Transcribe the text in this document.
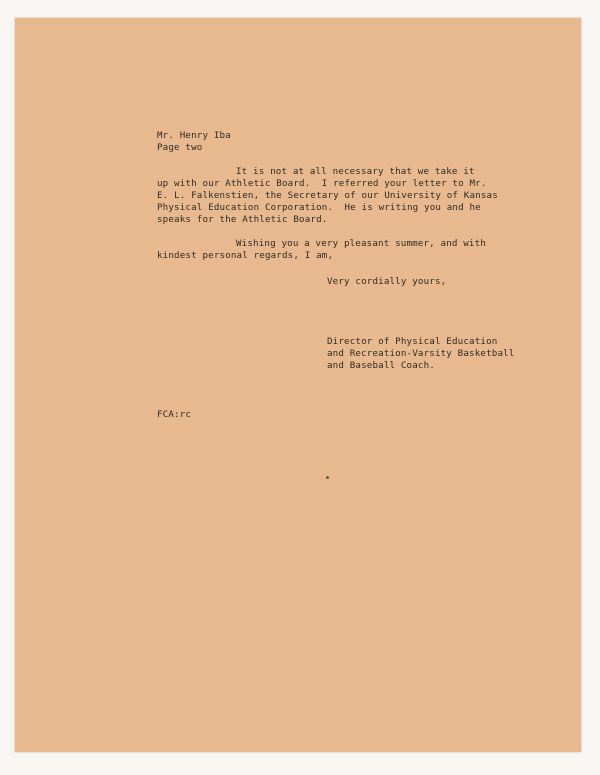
Mr. Henry Iba
Page two
It is not at all necessary that we take it
up with our Athletic Board.  I referred your letter to Mr.
E. L. Falkenstien, the Secretary of our University of Kansas
Physical Education Corporation.  He is writing you and he
speaks for the Athletic Board.
Wishing you a very pleasant summer, and with
kindest personal regards, I am,
Very cordially yours,
Director of Physical Education
and Recreation-Varsity Basketball
and Baseball Coach.
FCA:rc
